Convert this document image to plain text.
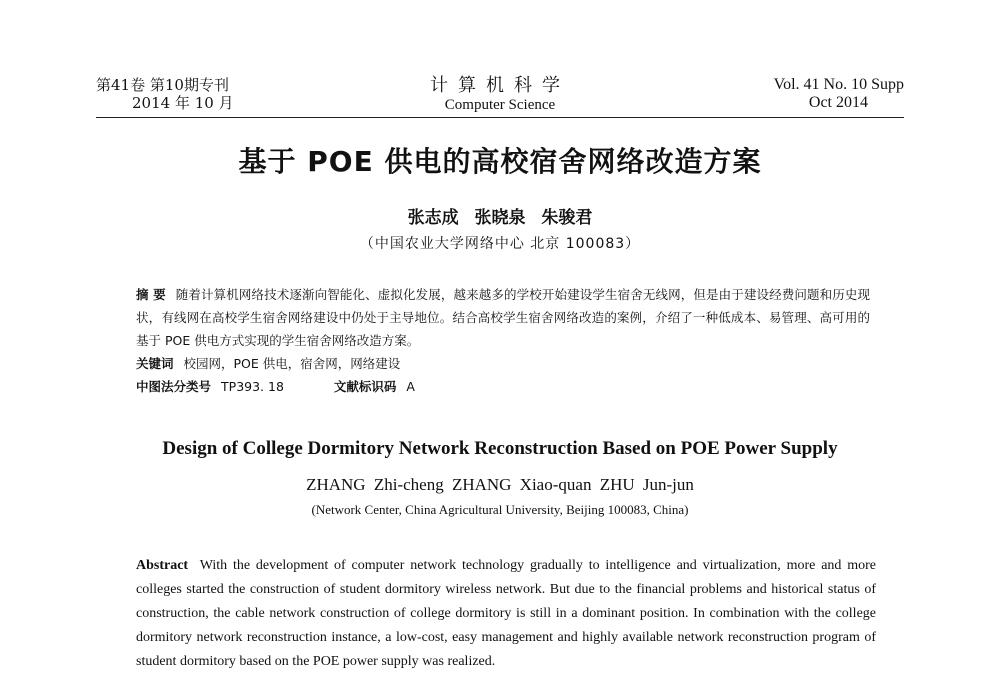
第41卷 第10期专刊
2014 年 10 月
计算机科学
Computer Science
Vol. 41 No. 10 Supp
Oct 2014
基于 POE 供电的高校宿舍网络改造方案
张志成 张晓泉 朱骏君
（中国农业大学网络中心 北京 100083）
摘 要 随着计算机网络技术逐渐向智能化、虚拟化发展，越来越多的学校开始建设学生宿舍无线网，但是由于建设经费问题和历史现状，有线网在高校学生宿舍网络建设中仍处于主导地位。结合高校学生宿舍网络改造的案例，介绍了一种低成本、易管理、高可用的基于 POE 供电方式实现的学生宿舍网络改造方案。
关键词 校园网，POE 供电，宿舍网，网络建设
中图法分类号 TP393. 18	文献标识码 A
Design of College Dormitory Network Reconstruction Based on POE Power Supply
ZHANG Zhi-cheng ZHANG Xiao-quan ZHU Jun-jun
(Network Center, China Agricultural University, Beijing 100083, China)
Abstract With the development of computer network technology gradually to intelligence and virtualization, more and more colleges started the construction of student dormitory wireless network. But due to the financial problems and historical status of construction, the cable network construction of college dormitory is still in a dominant position. In combination with the college dormitory network reconstruction instance, a low-cost, easy management and highly available network reconstruction program of student dormitory based on the POE power supply was realized.
